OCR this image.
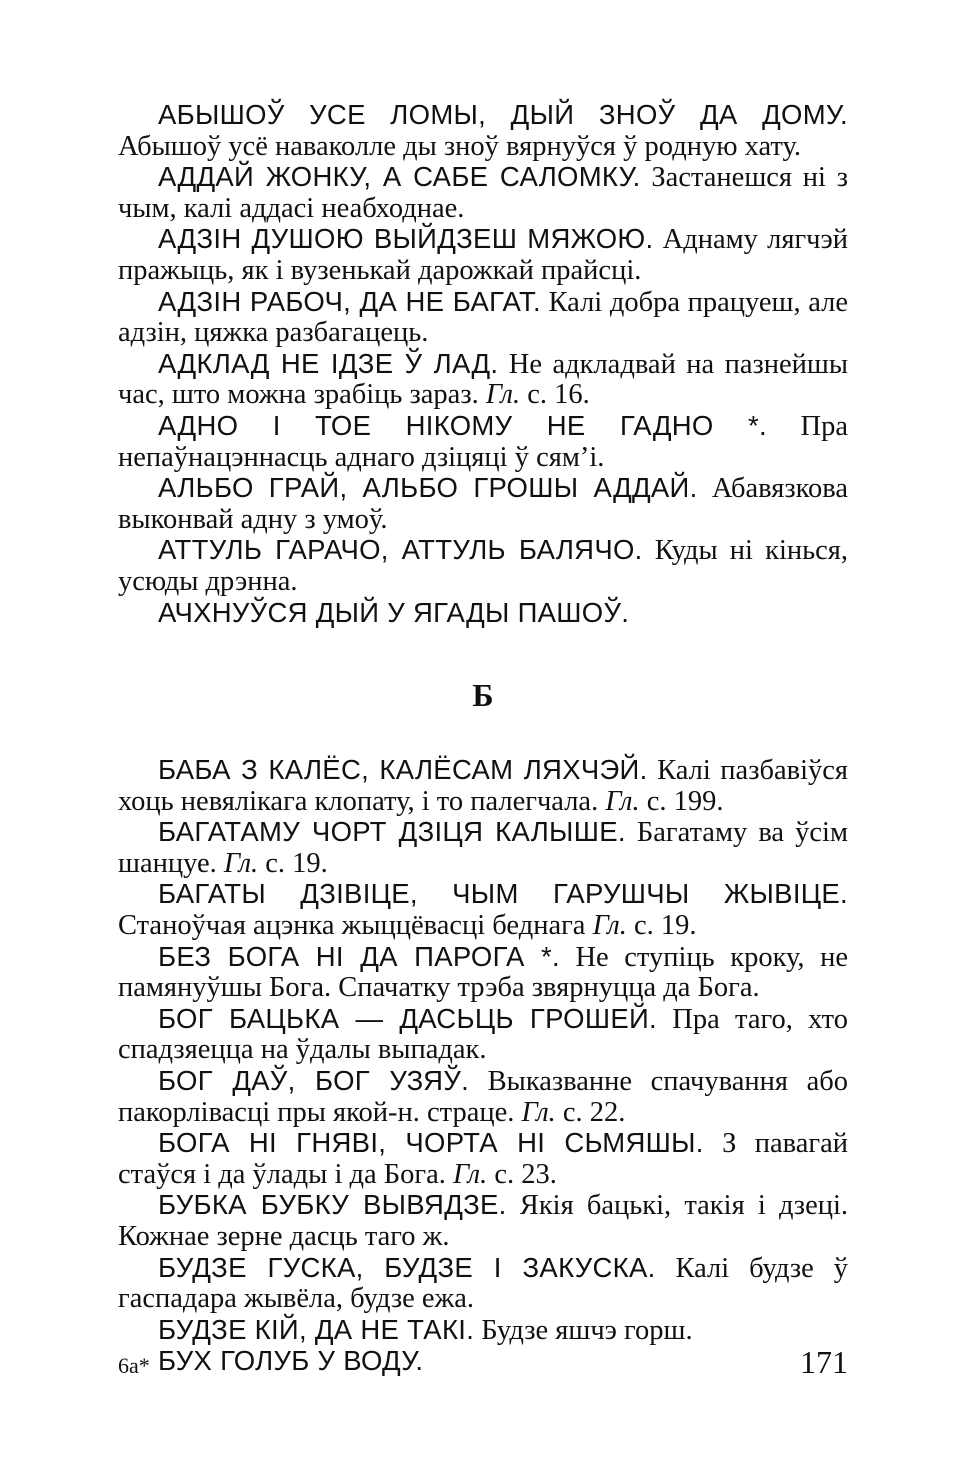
АБЫШОЎ УСЕ ЛОМЫ, ДЫЙ ЗНОЎ ДА ДОМУ. Абышоў усё наваколле ды зноў вярнуўся ў родную хату.

АДДАЙ ЖОНКУ, А САБЕ САЛОМКУ. Застанешся ні з чым, калі аддасі неабходнае.

АДЗІН ДУШОЮ ВЫЙДЗЕШ МЯЖОЮ. Аднаму лягчэй пражыць, як і вузенькай дарожкай прайсці.

АДЗІН РАБОЧ, ДА НЕ БАГАТ. Калі добра працуеш, але адзін, цяжка разбагацець.

АДКЛАД НЕ ІДЗЕ Ў ЛАД. Не адкладвай на пазнейшы час, што можна зрабіць зараз. Гл. с. 16.

АДНО І ТОЕ НІКОМУ НЕ ГАДНО *. Пра непаўнацэннасць аднаго дзіцяці ў сям’і.

АЛЬБО ГРАЙ, АЛЬБО ГРОШЫ АДДАЙ. Абавязкова выконвай адну з умоў.

АТТУЛЬ ГАРАЧО, АТТУЛЬ БАЛЯЧО. Куды ні кінься, усюды дрэнна.

АЧХНУЎСЯ ДЫЙ У ЯГАДЫ ПАШОЎ.

Б

БАБА З КАЛЁС, КАЛЁСАМ ЛЯХЧЭЙ. Калі пазбавіўся хоць невялікага клопату, і то палегчала. Гл. с. 199.

БАГАТАМУ ЧОРТ ДЗІЦЯ КАЛЫШЕ. Багатаму ва ўсім шанцуе. Гл. с. 19.

БАГАТЫ ДЗІВІЦЕ, ЧЫМ ГАРУШЧЫ ЖЫВІЦЕ. Станоўчая ацэнка жыццёвасці беднага Гл. с. 19.

БЕЗ БОГА НІ ДА ПАРОГА *. Не ступіць кроку, не памянуўшы Бога. Спачатку трэба звярнуцца да Бога.

БОГ БАЦЬКА — ДАСЬЦЬ ГРОШЕЙ. Пра таго, хто спадзяецца на ўдалы выпадак.

БОГ ДАЎ, БОГ УЗЯЎ. Выказванне спачування або пакорлівасці пры якой-н. страце. Гл. с. 22.

БОГА НІ ГНЯВІ, ЧОРТА НІ СЬМЯШЫ. З павагай стаўся і да ўлады і да Бога. Гл. с. 23.

БУБКА БУБКУ ВЫВЯДЗЕ. Якія бацькі, такія і дзеці. Кожнае зерне дасць таго ж.

БУДЗЕ ГУСКА, БУДЗЕ І ЗАКУСКА. Калі будзе ў гаспадара жывёла, будзе ежа.

БУДЗЕ КІЙ, ДА НЕ ТАКІ. Будзе яшчэ горш.

БУХ ГОЛУБ У ВОДУ.

6а*	171
